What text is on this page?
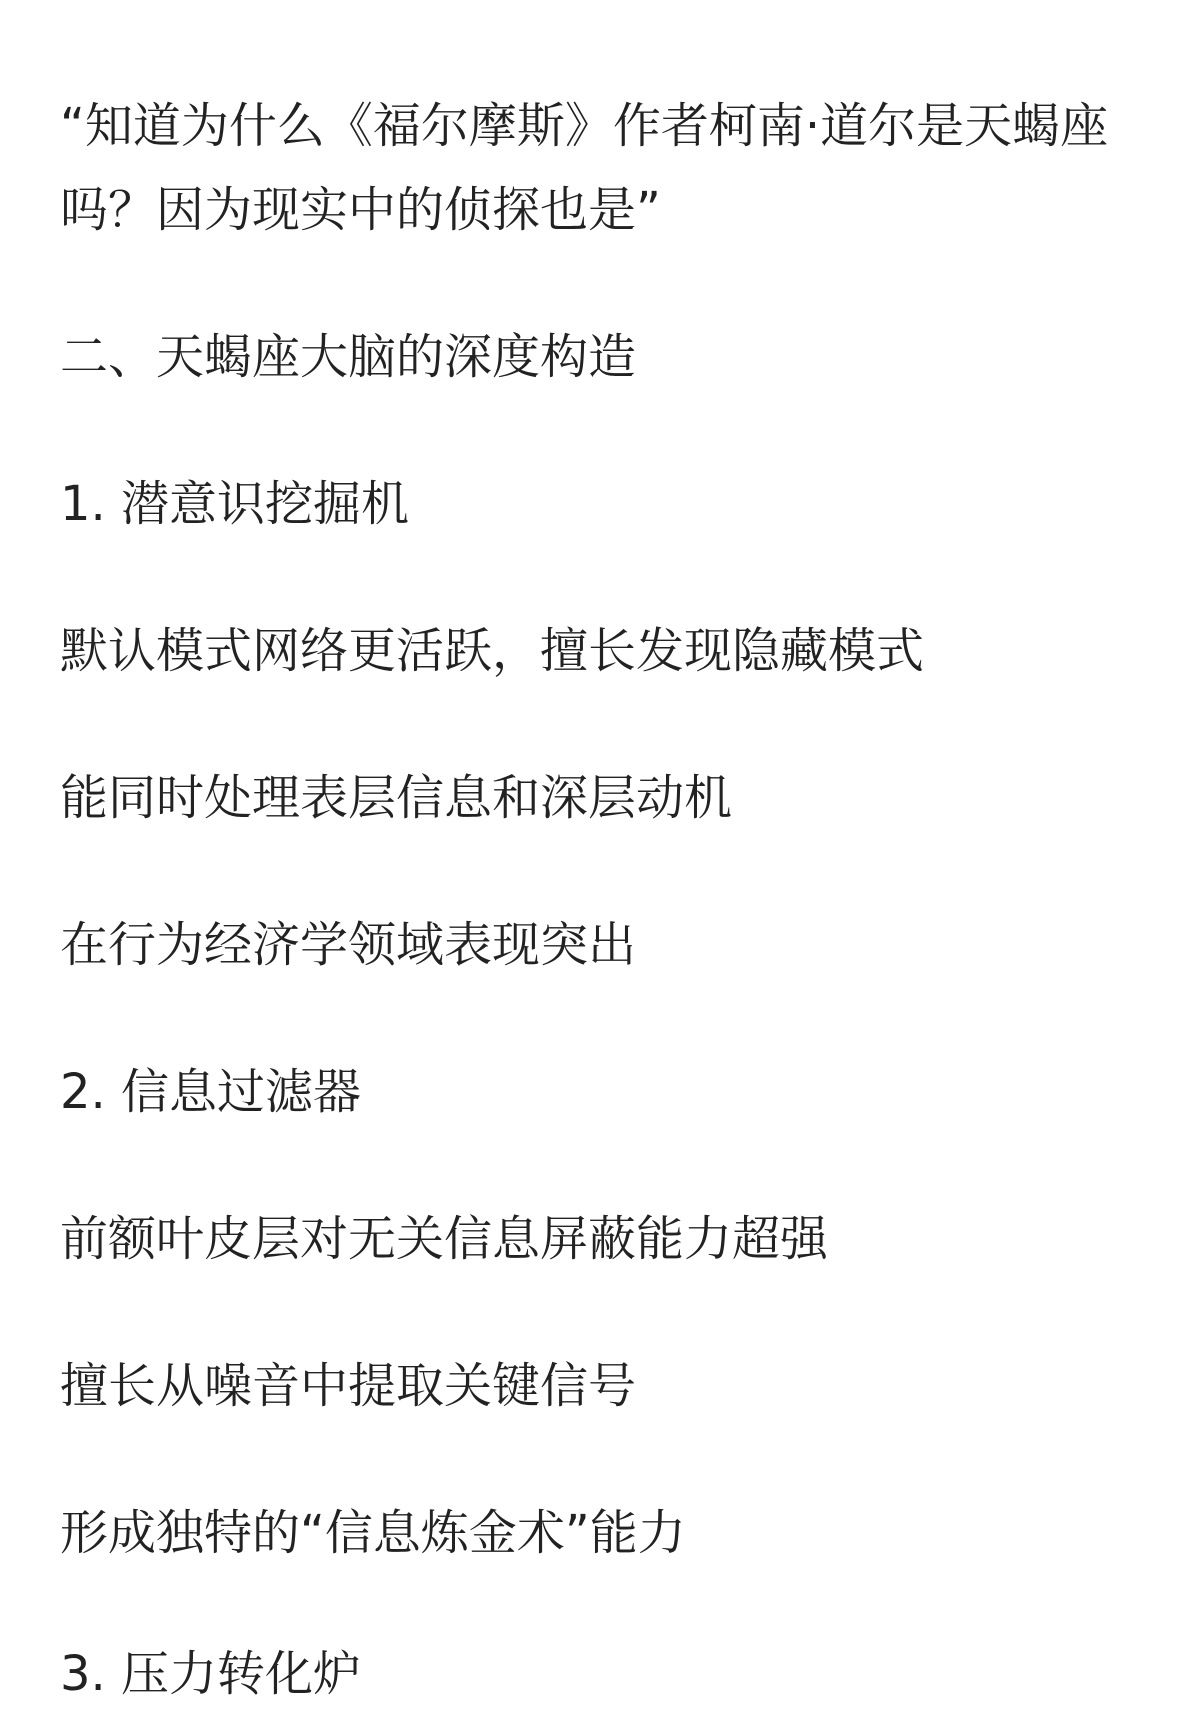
“知道为什么《福尔摩斯》作者柯南·道尔是天蝎座吗？因为现实中的侦探也是”

二、天蝎座大脑的深度构造

1. 潜意识挖掘机

默认模式网络更活跃，擅长发现隐藏模式

能同时处理表层信息和深层动机

在行为经济学领域表现突出

2. 信息过滤器

前额叶皮层对无关信息屏蔽能力超强

擅长从噪音中提取关键信号

形成独特的“信息炼金术”能力

3. 压力转化炉
